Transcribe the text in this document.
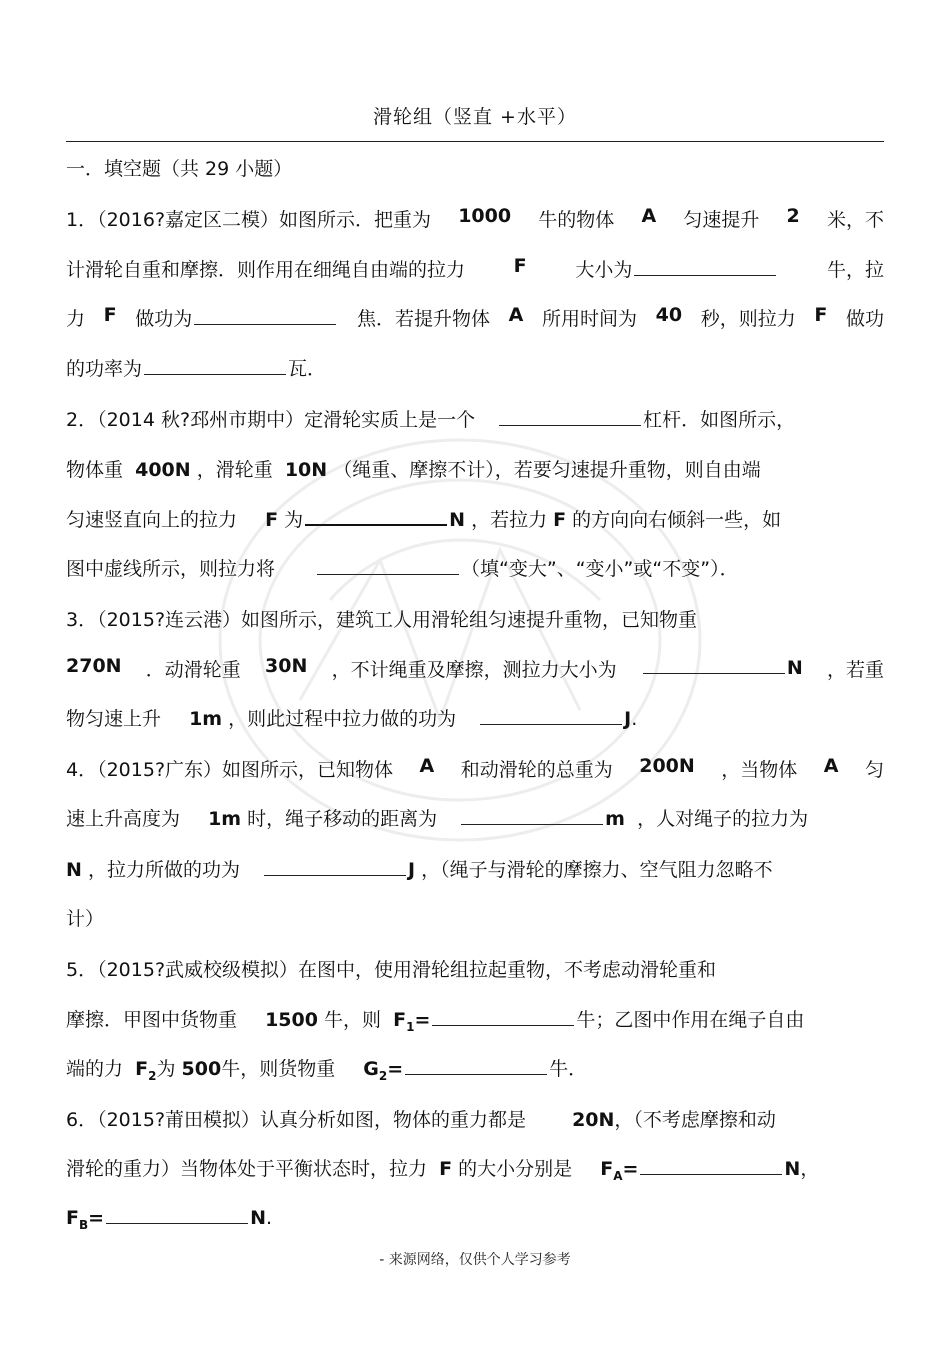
滑轮组（竖直 +水平）
一．填空题（共 29 小题）
1．（2016?嘉定区二模）如图所示．把重为 1000 牛的物体 A 匀速提升 2 米，不
计滑轮自重和摩擦．则作用在细绳自由端的拉力	F	大小为	牛，拉
力 F 做功为	焦．若提升物体 A 所用时间为 40 秒，则拉力 F 做功
的功率为	瓦．
2．（2014 秋?邳州市期中）定滑轮实质上是一个	杠杆．如图所示，
物体重 400N ，滑轮重 10N （绳重、摩擦不计），若要匀速提升重物，则自由端
匀速竖直向上的拉力 F 为	N ，若拉力 F 的方向向右倾斜一些，如
图中虚线所示，则拉力将	（填“变大”、“变小”或“不变”）．
3．（2015?连云港）如图所示，建筑工人用滑轮组匀速提升重物，已知物重
270N ．动滑轮重 30N ，不计绳重及摩擦，测拉力大小为	N ，若重
物匀速上升 1m ，则此过程中拉力做的功为	J.
4．（2015?广东）如图所示，已知物体 A 和动滑轮的总重为 200N ，当物体 A 匀
速上升高度为 1m 时，绳子移动的距离为	m ，人对绳子的拉力为
N ，拉力所做的功为	J ，（绳子与滑轮的摩擦力、空气阻力忽略不
计）
5．（2015?武威校级模拟）在图中，使用滑轮组拉起重物，不考虑动滑轮重和
摩擦．甲图中货物重 1500 牛，则 $F_1=$	牛；乙图中作用在绳子自由
端的力 $F_2$为 500牛，则货物重 $G_2=$	牛．
6．（2015?莆田模拟）认真分析如图，物体的重力都是 20N，（不考虑摩擦和动
滑轮的重力）当物体处于平衡状态时，拉力 F 的大小分别是 $F_A=$	N，
$F_B=$	N.
- 来源网络，仅供个人学习参考
